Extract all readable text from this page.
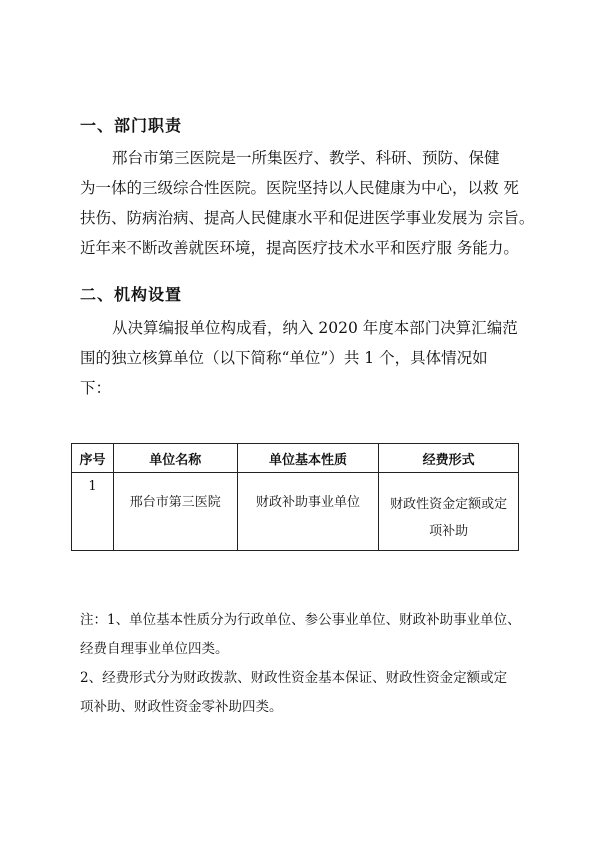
一、部门职责
邢台市第三医院是一所集医疗、教学、科研、预防、保健
为一体的三级综合性医院。医院坚持以人民健康为中心，以救 死
扶伤、防病治病、提高人民健康水平和促进医学事业发展为 宗旨。
近年来不断改善就医环境，提高医疗技术水平和医疗服 务能力。
二、机构设置
从决算编报单位构成看，纳入 2020 年度本部门决算汇编范
围的独立核算单位（以下简称“单位”）共 1 个，具体情况如
下：
序号	单位名称	单位基本性质	经费形式
1	邢台市第三医院	财政补助事业单位	财政性资金定额或定
项补助
注：1、单位基本性质分为行政单位、参公事业单位、财政补助事业单位、
经费自理事业单位四类。
2、经费形式分为财政拨款、财政性资金基本保证、财政性资金定额或定
项补助、财政性资金零补助四类。
